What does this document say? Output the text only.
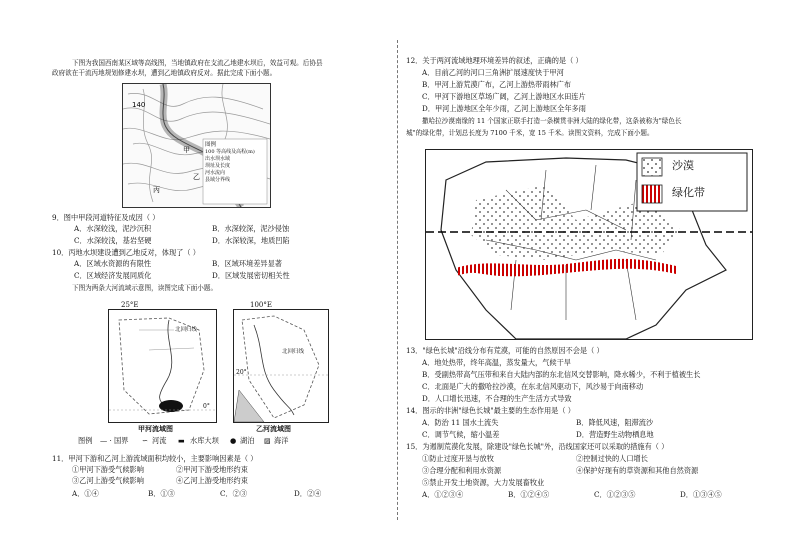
下图为我国西南某区域等高线图，当地镇政府在支流乙地建水坝后，效益可观。后协县
政府欲在干流丙地规划修建水坝，遭到乙地镇政府反对。据此完成下面小题。
140
甲
丙
乙
图例
100 等高线及高程(m)
出水坝水域
坝址及长度
河水流向
县域分界线
9．图中甲段河道特征及成因（ ）
A．水深较浅，泥沙沉积	B．水深较深，泥沙侵蚀
C．水深较浅，基岩坚硬	D．水深较深，地质凹陷
10．丙地水坝建设遭到乙地反对，体现了（ ）
A．区域水资源的有限性	B．区域环境差异显著
C．区域经济发展同质化	D．区域发展密切相关性
下图为两条大河流域示意图，读图完成下面小题。
25°E
0°
北回归线
甲河流域图
100°E
20°
北回归线
乙河流域图
图例 — · 国界 ∽ 河流 ▬ 水库大坝 ● 湖泊 ▨ 海洋
11．甲河下游和乙河上游流域面积均较小，主要影响因素是（ ）
①甲河下游受气候影响	②甲河下游受地形约束
③乙河上游受气候影响	④乙河上游受地形约束
A．①④	B．①③	C．②③	D．②④
12．关于两河流域地理环境差异的叙述，正确的是（ ）
A．目前乙河的河口三角洲扩展速度快于甲河
B．甲河上游荒漠广布，乙河上游热带雨林广布
C．甲河下游地区草场广阔，乙河上游地区水田连片
D．甲河上游地区全年少雨，乙河上游地区全年多雨
撒哈拉沙漠南缘的 11 个国家正联手打造一条横贯非洲大陆的绿化带，这条被称为"绿色长
城"的绿化带，计划总长度为 7100 千米，宽 15 千米。读图文资料，完成下面小题。
沙漠
绿化带
13．"绿色长城"沿线分布有荒漠，可能的自然原因不会是（ ）
A．地处热带，终年高温，蒸发量大，气候干旱
B．受副热带高气压带和来自大陆内部的东北信风交替影响，降水稀少，不利于植被生长
C．北面是广大的撒哈拉沙漠，在东北信风驱动下，风沙易于向南移动
D．人口增长迅速，不合理的生产生活方式导致
14．图示的非洲"绿色长城"最主要的生态作用是（ ）
A．防治 11 国水土流失	B．降低风速，阻滞流沙
C．调节气候，缩小温差	D．营造野生动物栖息地
15．为遏制荒漠化发展，除建设"绿色长城"外，沿线国家还可以采取的措施有（ ）
①防止过度开垦与放牧	②控制过快的人口增长
③合理分配和利用水资源	④保护好现有的草资源和其他自然资源
⑤禁止开发土地资源，大力发展畜牧业
A．①②③④	B．①②④⑤	C．①②③⑤	D．①③④⑤
